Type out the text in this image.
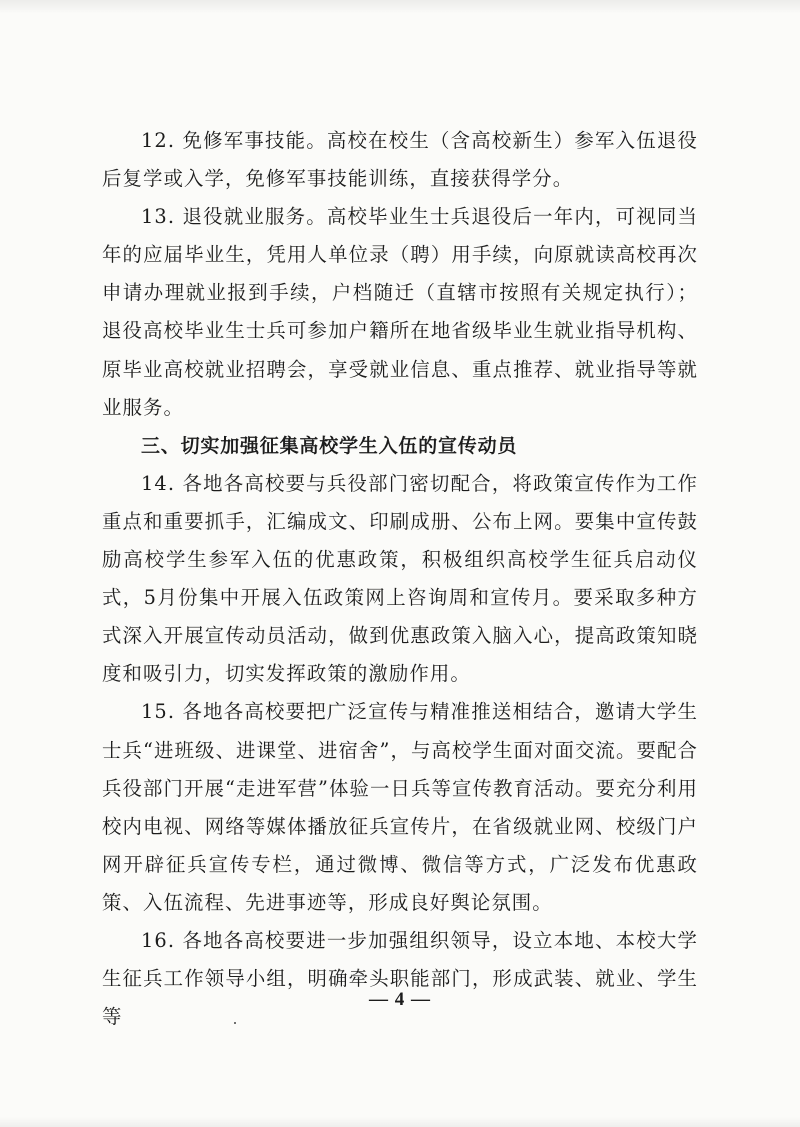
12. 免修军事技能。高校在校生（含高校新生）参军入伍退役后复学或入学，免修军事技能训练，直接获得学分。

13. 退役就业服务。高校毕业生士兵退役后一年内，可视同当年的应届毕业生，凭用人单位录（聘）用手续，向原就读高校再次申请办理就业报到手续，户档随迁（直辖市按照有关规定执行）；退役高校毕业生士兵可参加户籍所在地省级毕业生就业指导机构、原毕业高校就业招聘会，享受就业信息、重点推荐、就业指导等就业服务。

三、切实加强征集高校学生入伍的宣传动员

14. 各地各高校要与兵役部门密切配合，将政策宣传作为工作重点和重要抓手，汇编成文、印刷成册、公布上网。要集中宣传鼓励高校学生参军入伍的优惠政策，积极组织高校学生征兵启动仪式，5月份集中开展入伍政策网上咨询周和宣传月。要采取多种方式深入开展宣传动员活动，做到优惠政策入脑入心，提高政策知晓度和吸引力，切实发挥政策的激励作用。

15. 各地各高校要把广泛宣传与精准推送相结合，邀请大学生士兵“进班级、进课堂、进宿舍”，与高校学生面对面交流。要配合兵役部门开展“走进军营”体验一日兵等宣传教育活动。要充分利用校内电视、网络等媒体播放征兵宣传片，在省级就业网、校级门户网开辟征兵宣传专栏，通过微博、微信等方式，广泛发布优惠政策、入伍流程、先进事迹等，形成良好舆论氛围。

16. 各地各高校要进一步加强组织领导，设立本地、本校大学生征兵工作领导小组，明确牵头职能部门，形成武装、就业、学生等

— 4 —
